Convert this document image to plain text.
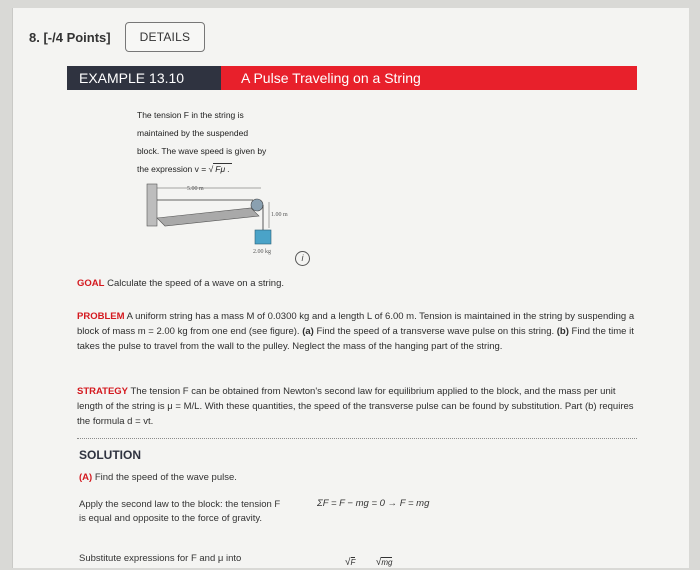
8. [-/4 Points]	DETAILS
EXAMPLE 13.10	A Pulse Traveling on a String
The tension F in the string is
maintained by the suspended
block. The wave speed is given by
the expression v = √ Fμ .
5.00 m
1.00 m
2.00 kg
i
GOAL Calculate the speed of a wave on a string.
PROBLEM A uniform string has a mass M of 0.0300 kg and a length L of 6.00 m. Tension is maintained in the string by suspending a block of mass m = 2.00 kg from one end (see figure). (a) Find the speed of a transverse wave pulse on this string. (b) Find the time it takes the pulse to travel from the wall to the pulley. Neglect the mass of the hanging part of the string.
STRATEGY The tension F can be obtained from Newton's second law for equilibrium applied to the block, and the mass per unit length of the string is μ = M/L. With these quantities, the speed of the transverse pulse can be found by substitution. Part (b) requires the formula d = vt.
SOLUTION
(A) Find the speed of the wave pulse.
Apply the second law to the block: the tension F is equal and opposite to the force of gravity.
ΣF = F − mg = 0 → F = mg
Substitute expressions for F and μ into	√F √mg
